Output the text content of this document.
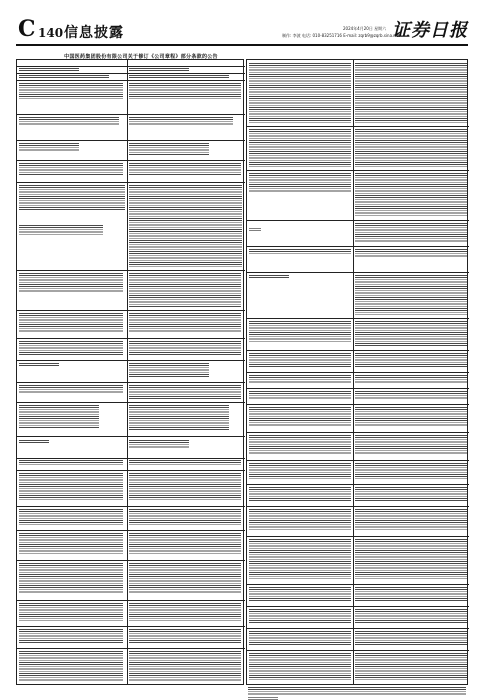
C 140 信息披露	2024年4月20日 星期六
制作: 李波 电话: 010-83251716 E-mail: zqrb9@zqrb.sina.net
证券日报
中国医药集团股份有限公司关于修订《公司章程》部分条款的公告
